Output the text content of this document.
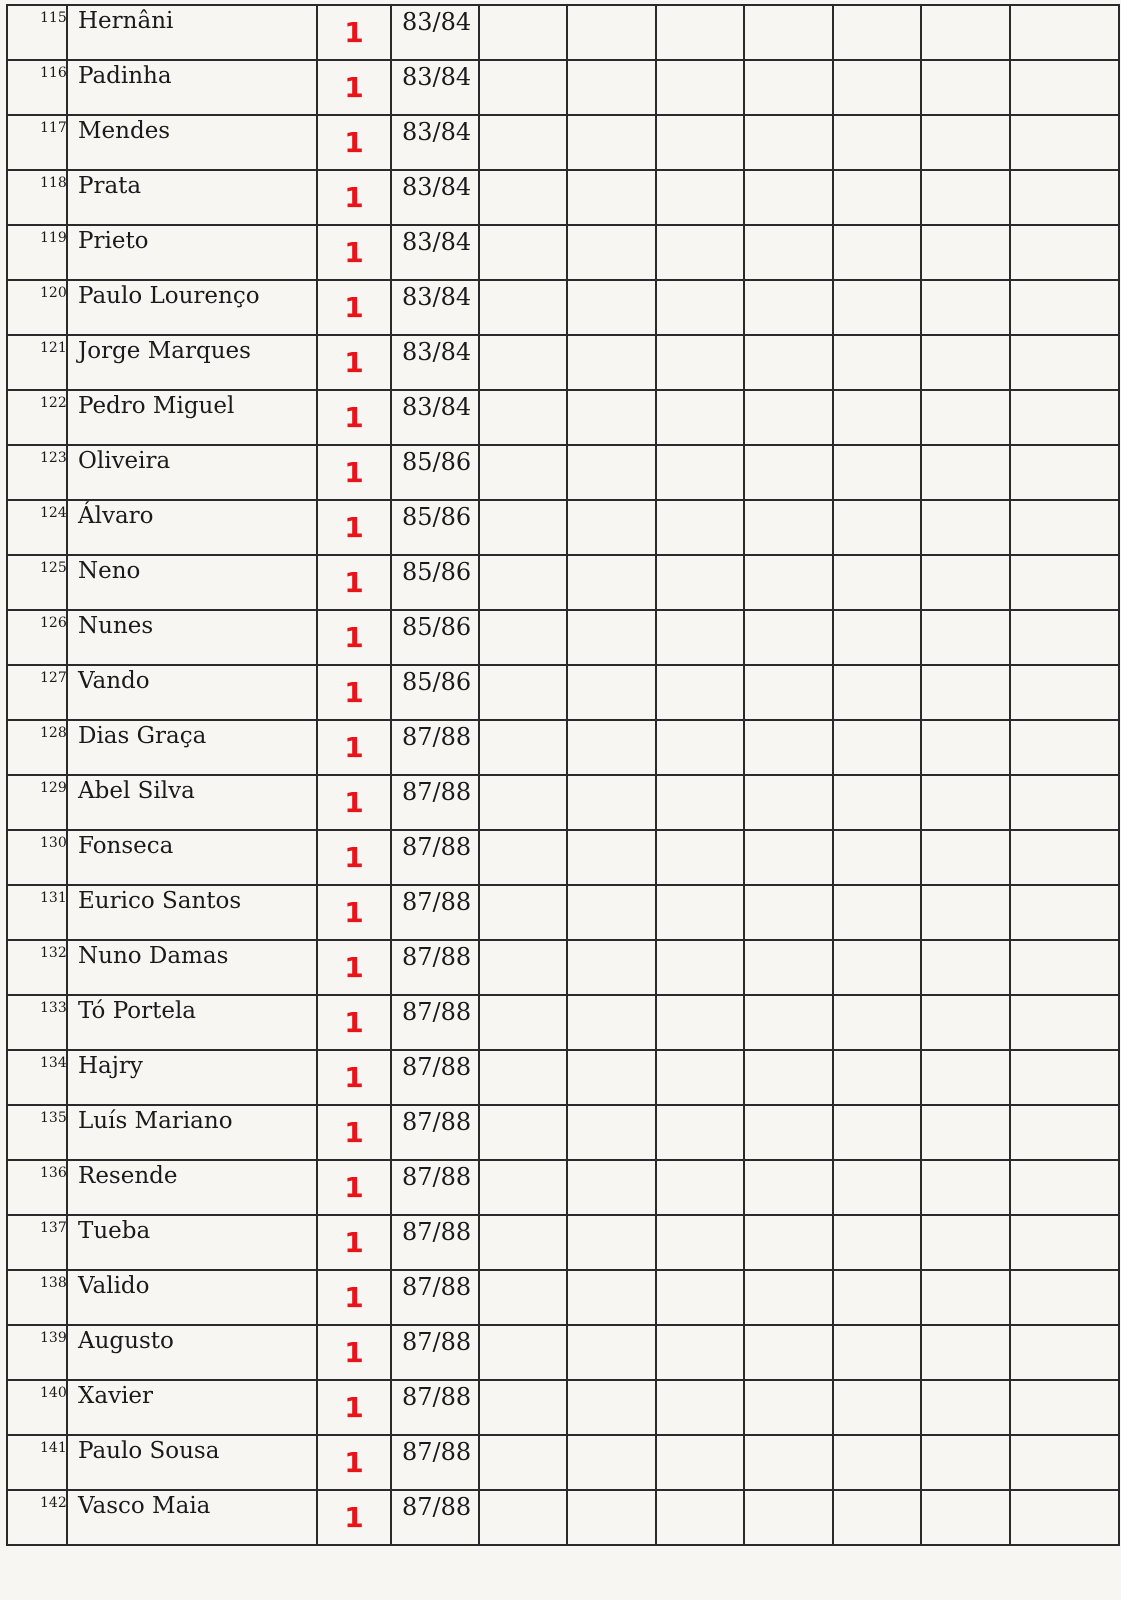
	115 Hernâni	1	83/84							

	116 Padinha	1	83/84							

	117 Mendes	1	83/84							

	118 Prata	1	83/84							

	119 Prieto	1	83/84							

	120 Paulo Lourenço	1	83/84							

	121 Jorge Marques	1	83/84							

	122 Pedro Miguel	1	83/84							

	123 Oliveira	1	85/86							

	124 Álvaro	1	85/86							

	125 Neno	1	85/86							

	126 Nunes	1	85/86							

	127 Vando	1	85/86							

	128 Dias Graça	1	87/88							

	129 Abel Silva	1	87/88							

	130 Fonseca	1	87/88							

	131 Eurico Santos	1	87/88							

	132 Nuno Damas	1	87/88							

	133 Tó Portela	1	87/88							

	134 Hajry	1	87/88							

	135 Luís Mariano	1	87/88							

	136 Resende	1	87/88							

	137 Tueba	1	87/88							

	138 Valido	1	87/88							

	139 Augusto	1	87/88							

	140 Xavier	1	87/88							

	141 Paulo Sousa	1	87/88							

	142 Vasco Maia	1	87/88							
